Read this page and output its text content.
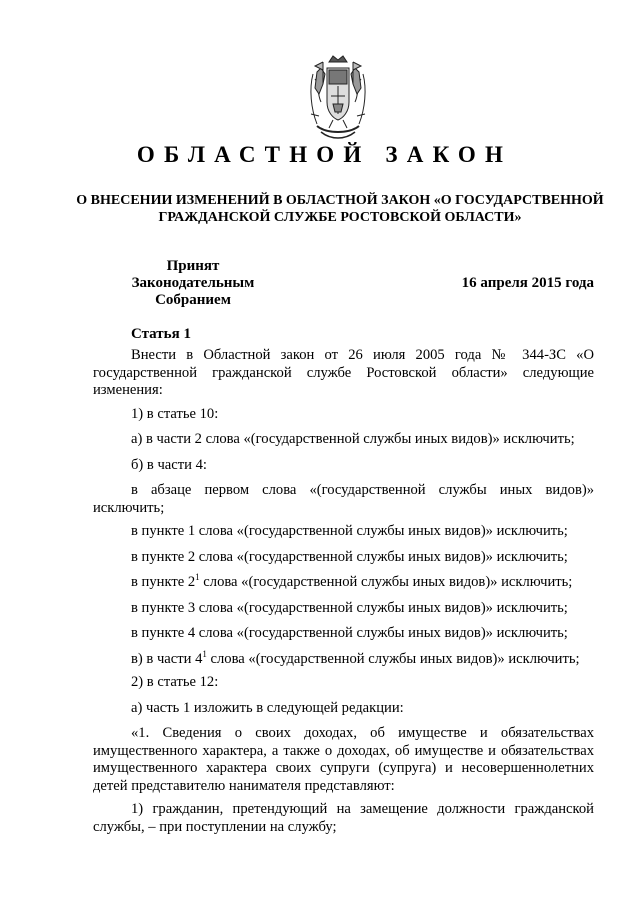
ОБЛАСТНОЙ ЗАКОН
О ВНЕСЕНИИ ИЗМЕНЕНИЙ В ОБЛАСТНОЙ ЗАКОН «О ГОСУДАРСТВЕННОЙ
ГРАЖДАНСКОЙ СЛУЖБЕ РОСТОВСКОЙ ОБЛАСТИ»
Принят
Законодательным Собранием
16 апреля 2015 года
Статья 1

Внести в Областной закон от 26 июля 2005 года № 344-ЗС «О государственной гражданской службе Ростовской области» следующие изменения:

1) в статье 10:

а) в части 2 слова «(государственной службы иных видов)» исключить;

б) в части 4:

в абзаце первом слова «(государственной службы иных видов)» исключить;

в пункте 1 слова «(государственной службы иных видов)» исключить;

в пункте 2 слова «(государственной службы иных видов)» исключить;

в пункте $2^1$ слова «(государственной службы иных видов)» исключить;

в пункте 3 слова «(государственной службы иных видов)» исключить;

в пункте 4 слова «(государственной службы иных видов)» исключить;

в) в части $4^1$ слова «(государственной службы иных видов)» исключить;

2) в статье 12:

а) часть 1 изложить в следующей редакции:

«1. Сведения о своих доходах, об имуществе и обязательствах имущественного характера, а также о доходах, об имуществе и обязательствах имущественного характера своих супруги (супруга) и несовершеннолетних детей представителю нанимателя представляют:

1) гражданин, претендующий на замещение должности гражданской службы, – при поступлении на службу;
